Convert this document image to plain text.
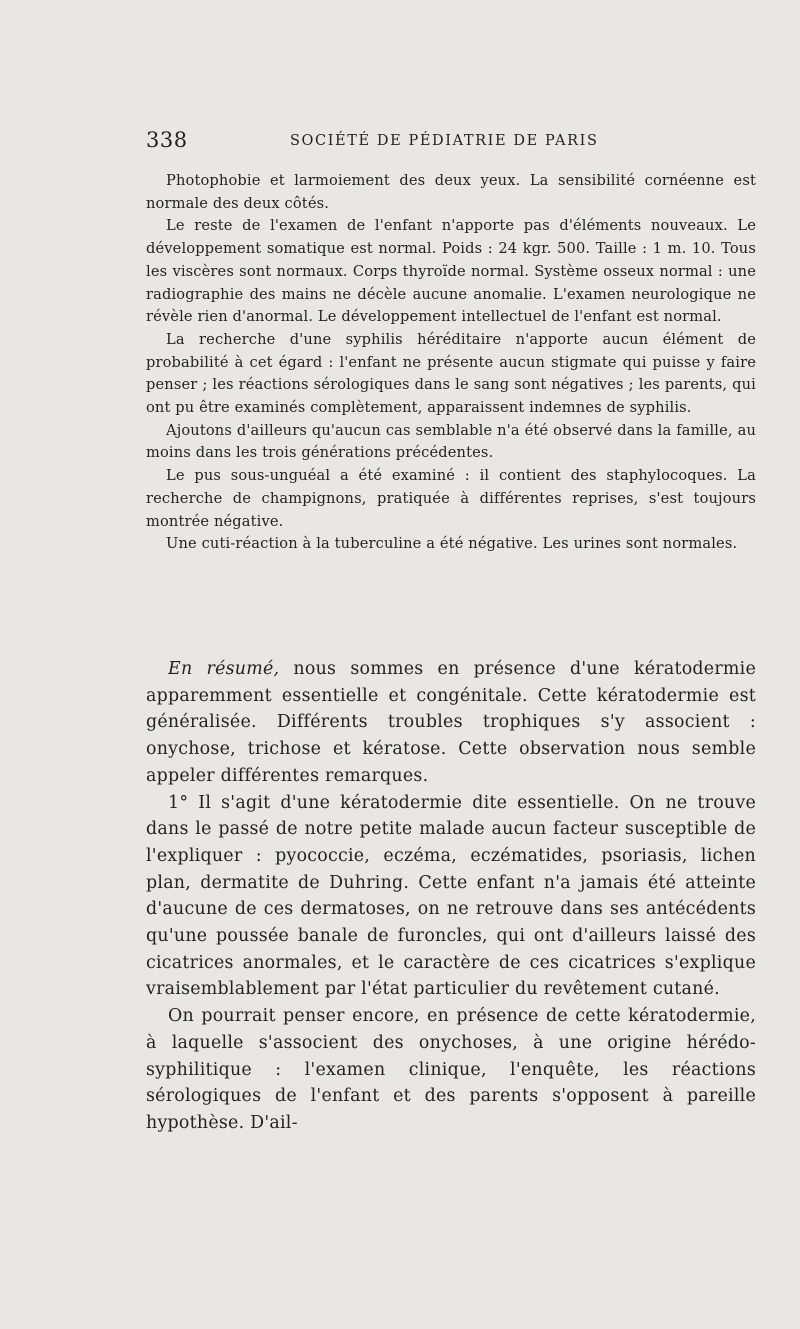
338	SOCIÉTÉ DE PÉDIATRIE DE PARIS

Photophobie et larmoiement des deux yeux. La sensibilité cornéenne est normale des deux côtés.

Le reste de l'examen de l'enfant n'apporte pas d'éléments nouveaux. Le développement somatique est normal. Poids : 24 kgr. 500. Taille : 1 m. 10. Tous les viscères sont normaux. Corps thyroïde normal. Système osseux normal : une radiographie des mains ne décèle aucune anomalie. L'examen neurologique ne révèle rien d'anormal. Le développement intellectuel de l'enfant est normal.

La recherche d'une syphilis héréditaire n'apporte aucun élément de probabilité à cet égard : l'enfant ne présente aucun stigmate qui puisse y faire penser ; les réactions sérologiques dans le sang sont négatives ; les parents, qui ont pu être examinés complètement, apparaissent indemnes de syphilis.

Ajoutons d'ailleurs qu'aucun cas semblable n'a été observé dans la famille, au moins dans les trois générations précédentes.

Le pus sous-unguéal a été examiné : il contient des staphylocoques. La recherche de champignons, pratiquée à différentes reprises, s'est toujours montrée négative.

Une cuti-réaction à la tuberculine a été négative. Les urines sont normales.

En résumé, nous sommes en présence d'une kératodermie apparemment essentielle et congénitale. Cette kératodermie est généralisée. Différents troubles trophiques s'y associent : onychose, trichose et kératose. Cette observation nous semble appeler différentes remarques.

1° Il s'agit d'une kératodermie dite essentielle. On ne trouve dans le passé de notre petite malade aucun facteur susceptible de l'expliquer : pyococcie, eczéma, eczématides, psoriasis, lichen plan, dermatite de Duhring. Cette enfant n'a jamais été atteinte d'aucune de ces dermatoses, on ne retrouve dans ses antécédents qu'une poussée banale de furoncles, qui ont d'ailleurs laissé des cicatrices anormales, et le caractère de ces cicatrices s'explique vraisemblablement par l'état particulier du revêtement cutané.

On pourrait penser encore, en présence de cette kératodermie, à laquelle s'associent des onychoses, à une origine hérédo-syphilitique : l'examen clinique, l'enquête, les réactions sérologiques de l'enfant et des parents s'opposent à pareille hypothèse. D'ail-
